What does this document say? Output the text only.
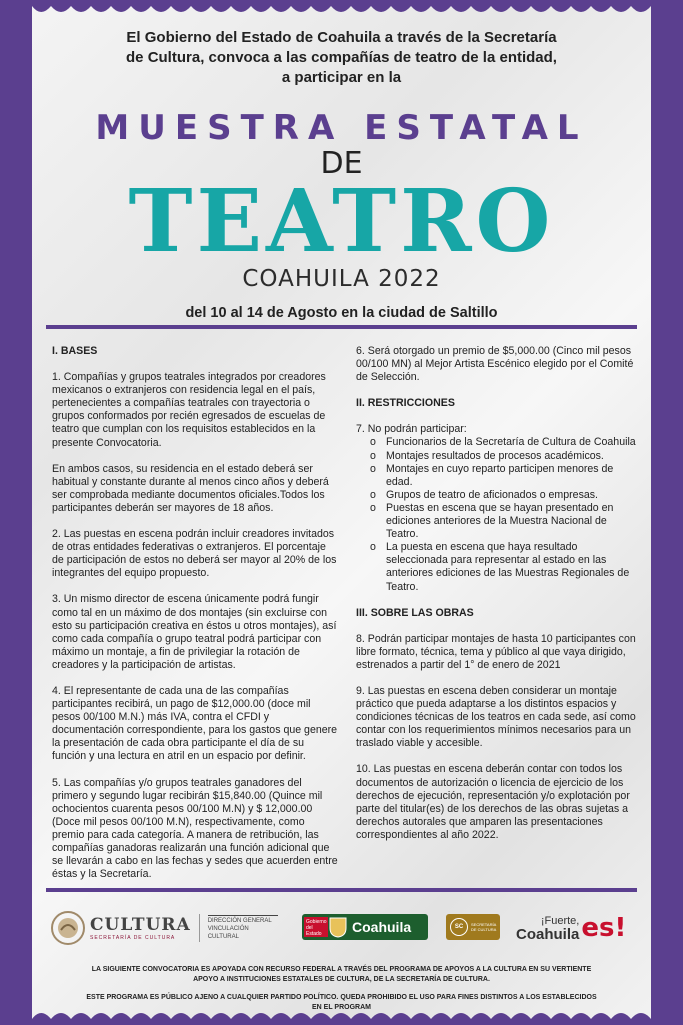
El Gobierno del Estado de Coahuila a través de la Secretaría
de Cultura, convoca a las compañías de teatro de la entidad,
a participar en la
MUESTRA ESTATAL
DE
TEATRO
COAHUILA 2022
del 10 al 14 de Agosto en la ciudad de Saltillo
I. BASES

1. Compañías y grupos teatrales integrados por creadores mexicanos o extranjeros con residencia legal en el país, pertenecientes a compañías teatrales con trayectoria o grupos conformados por recién egresados de escuelas de teatro que cumplan con los requisitos establecidos en la presente Convocatoria.

En ambos casos, su residencia en el estado deberá ser habitual y constante durante al menos cinco años y deberá ser comprobada mediante documentos oficiales.Todos los participantes deberán ser mayores de 18 años.

2. Las puestas en escena podrán incluir creadores invitados de otras entidades federativas o extranjeros. El porcentaje de participación de estos no deberá ser mayor al 20% de los integrantes del equipo propuesto.

3. Un mismo director de escena únicamente podrá fungir como tal en un máximo de dos montajes (sin excluirse con esto su participación creativa en éstos u otros montajes), así como cada compañía o grupo teatral podrá participar con máximo un montaje, a fin de privilegiar la rotación de creadores y la participación de artistas.

4. El representante de cada una de las compañías participantes recibirá, un pago de $12,000.00 (doce mil pesos 00/100 M.N.) más IVA, contra el CFDI y documentación correspondiente, para los gastos que genere la presentación de cada obra participante el día de su función y una lectura en atril en un espacio por definir.

5. Las compañías y/o grupos teatrales ganadores del primero y segundo lugar recibirán $15,840.00 (Quince mil ochocientos cuarenta pesos 00/100 M.N) y $ 12,000.00 (Doce mil pesos 00/100 M.N), respectivamente, como premio para cada categoría. A manera de retribución, las compañías ganadoras realizarán una función adicional que se llevarán a cabo en las fechas y sedes que acuerden entre éstas y la Secretaría.

6. Será otorgado un premio de $5,000.00 (Cinco mil pesos 00/100 MN) al Mejor Artista Escénico elegido por el Comité de Selección.

II. RESTRICCIONES

7. No podrán participar:

o Funcionarios de la Secretaría de Cultura de Coahuila
o Montajes resultados de procesos académicos.
o Montajes en cuyo reparto participen menores de edad.
o Grupos de teatro de aficionados o empresas.
o Puestas en escena que se hayan presentado en ediciones anteriores de la Muestra Nacional de Teatro.
o La puesta en escena que haya resultado seleccionada para representar al estado en las anteriores ediciones de las Muestras Regionales de Teatro.
III. SOBRE LAS OBRAS

8. Podrán participar montajes de hasta 10 participantes con libre formato, técnica, tema y público al que vaya dirigido, estrenados a partir del 1° de enero de 2021

9. Las puestas en escena deben considerar un montaje práctico que pueda adaptarse a los distintos espacios y condiciones técnicas de los teatros en cada sede, así como contar con los requerimientos mínimos necesarios para un traslado viable y accesible.

10. Las puestas en escena deberán contar con todos los documentos de autorización o licencia de ejercicio de los derechos de ejecución, representación y/o explotación por parte del titular(es) de los derechos de las obras sujetas a derechos autorales que amparen las presentaciones correspondientes al año 2022.

CULTURA
SECRETARÍA DE CULTURA
DIRECCIÓN GENERAL VINCULACIÓN CULTURAL
Gobierno del Estado	Coahuila	SC	SECRETARÍA DE CULTURA
¡Fuerte,
Coahuila es!

LA SIGUIENTE CONVOCATORIA ES APOYADA CON RECURSO FEDERAL A TRAVÉS DEL PROGRAMA DE APOYOS A LA CULTURA EN SU VERTIENTE APOYO A INSTITUCIONES ESTATALES DE CULTURA, DE LA SECRETARÍA DE CULTURA.

ESTE PROGRAMA ES PÚBLICO AJENO A CUALQUIER PARTIDO POLÍTICO. QUEDA PROHIBIDO EL USO PARA FINES DISTINTOS A LOS ESTABLECIDOS EN EL PROGRAM
